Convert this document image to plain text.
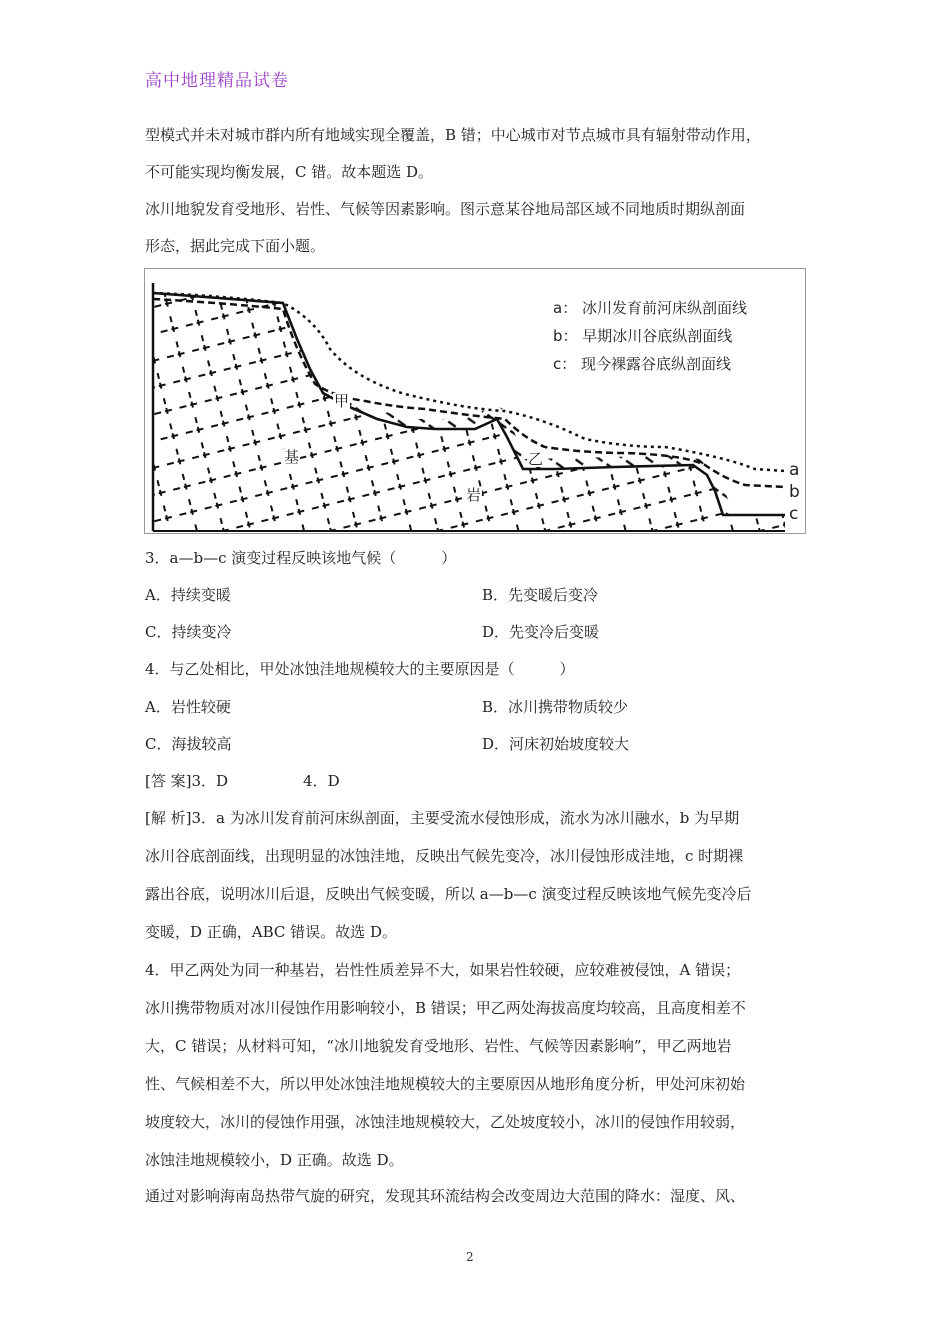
高中地理精品试卷
型模式并未对城市群内所有地域实现全覆盖，B 错；中心城市对节点城市具有辐射带动作用，
不可能实现均衡发展，C 错。故本题选 D。
冰川地貌发育受地形、岩性、气候等因素影响。图示意某谷地局部区域不同地质时期纵剖面
形态，据此完成下面小题。
a： 冰川发育前河床纵剖面线
b： 早期冰川谷底纵剖面线
c： 现今裸露谷底纵剖面线
甲
乙
基
岩
a
b
c
3．a—b—c 演变过程反映该地气候（　　　）
A．持续变暖	B．先变暖后变冷
C．持续变冷	D．先变冷后变暖
4．与乙处相比，甲处冰蚀洼地规模较大的主要原因是（　　　）
A．岩性较硬	B．冰川携带物质较少
C．海拔较高	D．河床初始坡度较大
[答 案]3．D　　　　　4．D
[解 析]3．a 为冰川发育前河床纵剖面，主要受流水侵蚀形成，流水为冰川融水，b 为早期
冰川谷底剖面线，出现明显的冰蚀洼地，反映出气候先变冷，冰川侵蚀形成洼地，c 时期裸
露出谷底，说明冰川后退，反映出气候变暖，所以 a—b—c 演变过程反映该地气候先变冷后
变暖，D 正确，ABC 错误。故选 D。
4．甲乙两处为同一种基岩，岩性性质差异不大，如果岩性较硬，应较难被侵蚀，A 错误；
冰川携带物质对冰川侵蚀作用影响较小，B 错误；甲乙两处海拔高度均较高，且高度相差不
大，C 错误；从材料可知，“冰川地貌发育受地形、岩性、气候等因素影响”，甲乙两地岩
性、气候相差不大，所以甲处冰蚀洼地规模较大的主要原因从地形角度分析，甲处河床初始
坡度较大，冰川的侵蚀作用强，冰蚀洼地规模较大，乙处坡度较小，冰川的侵蚀作用较弱，
冰蚀洼地规模较小，D 正确。故选 D。
通过对影响海南岛热带气旋的研究，发现其环流结构会改变周边大范围的降水：湿度、风、
2
